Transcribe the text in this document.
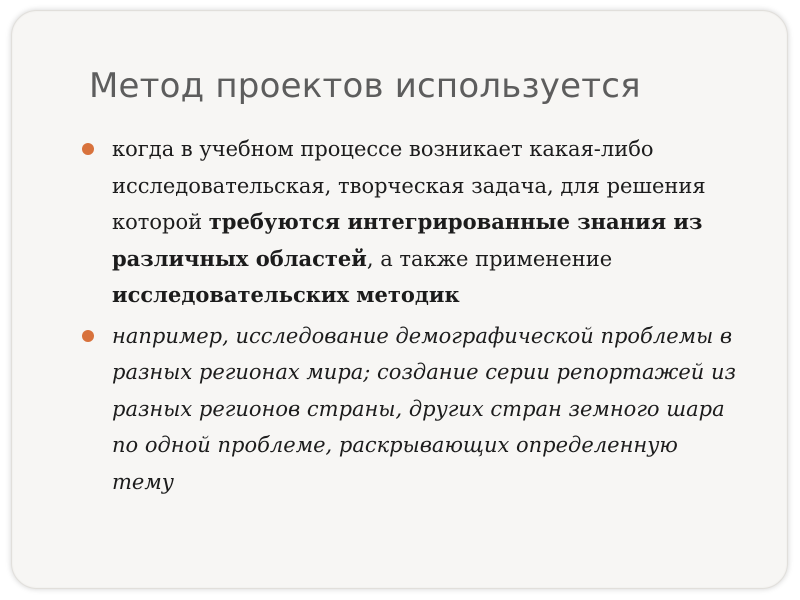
Метод проектов используется
когда в учебном процессе возникает какая-либо исследовательская, творческая задача, для решения которой требуются интегрированные знания из различных областей, а также применение исследовательских методик
например, исследование демографической проблемы в разных регионах мира; создание серии репортажей из разных регионов страны, других стран земного шара по одной проблеме, раскрывающих определенную тему
